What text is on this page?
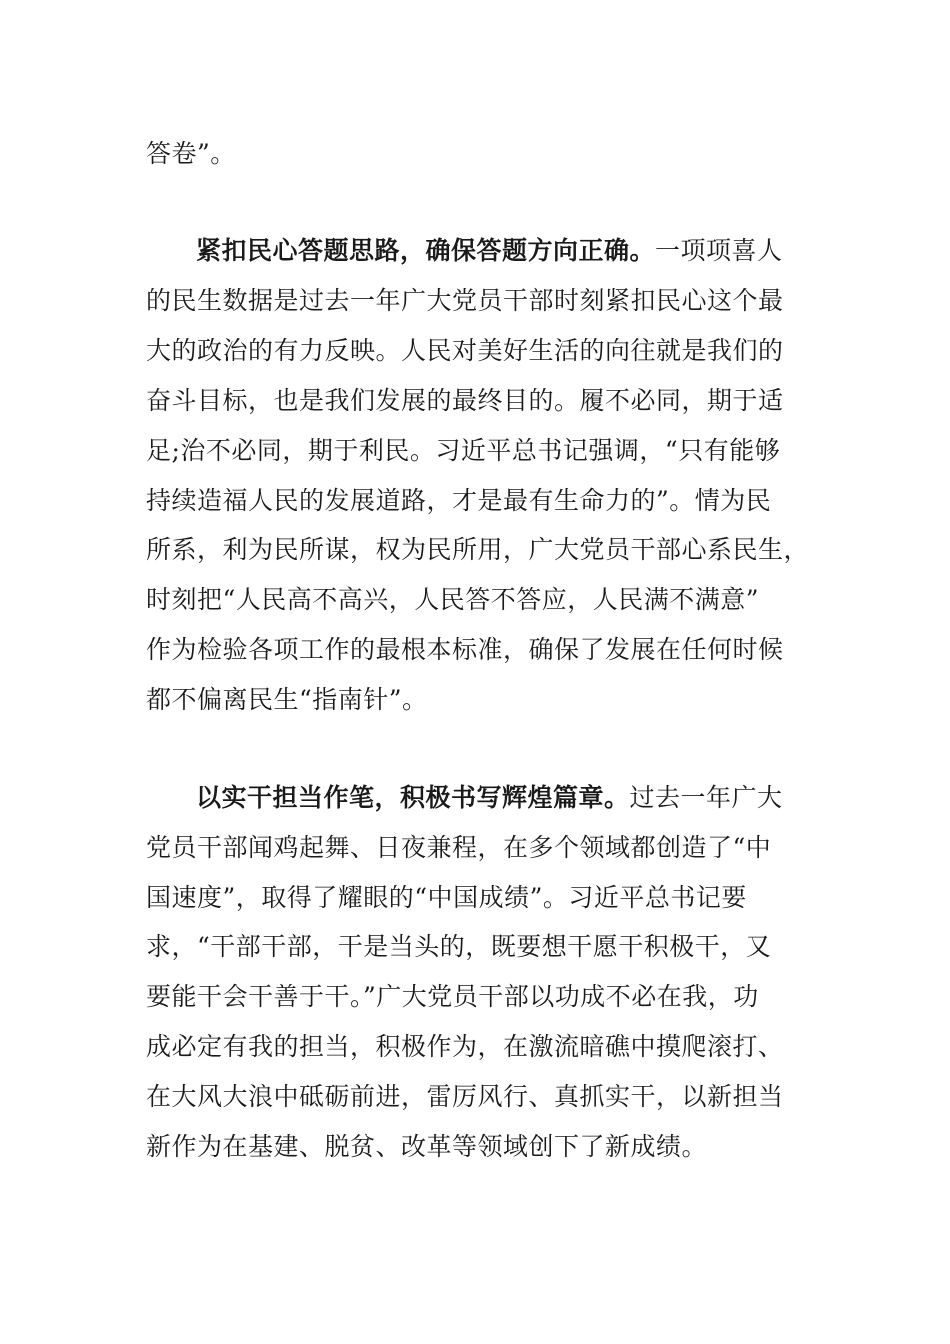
答卷”。
紧扣民心答题思路，确保答题方向正确。一项项喜人
的民生数据是过去一年广大党员干部时刻紧扣民心这个最
大的政治的有力反映。人民对美好生活的向往就是我们的
奋斗目标，也是我们发展的最终目的。履不必同，期于适
足;治不必同，期于利民。习近平总书记强调，“只有能够
持续造福人民的发展道路，才是最有生命力的”。情为民
所系，利为民所谋，权为民所用，广大党员干部心系民生，
时刻把“人民高不高兴，人民答不答应，人民满不满意”
作为检验各项工作的最根本标准，确保了发展在任何时候
都不偏离民生“指南针”。
以实干担当作笔，积极书写辉煌篇章。过去一年广大
党员干部闻鸡起舞、日夜兼程，在多个领域都创造了“中
国速度”，取得了耀眼的“中国成绩”。习近平总书记要
求，“干部干部，干是当头的，既要想干愿干积极干，又
要能干会干善于干。”广大党员干部以功成不必在我，功
成必定有我的担当，积极作为，在激流暗礁中摸爬滚打、
在大风大浪中砥砺前进，雷厉风行、真抓实干，以新担当
新作为在基建、脱贫、改革等领域创下了新成绩。
